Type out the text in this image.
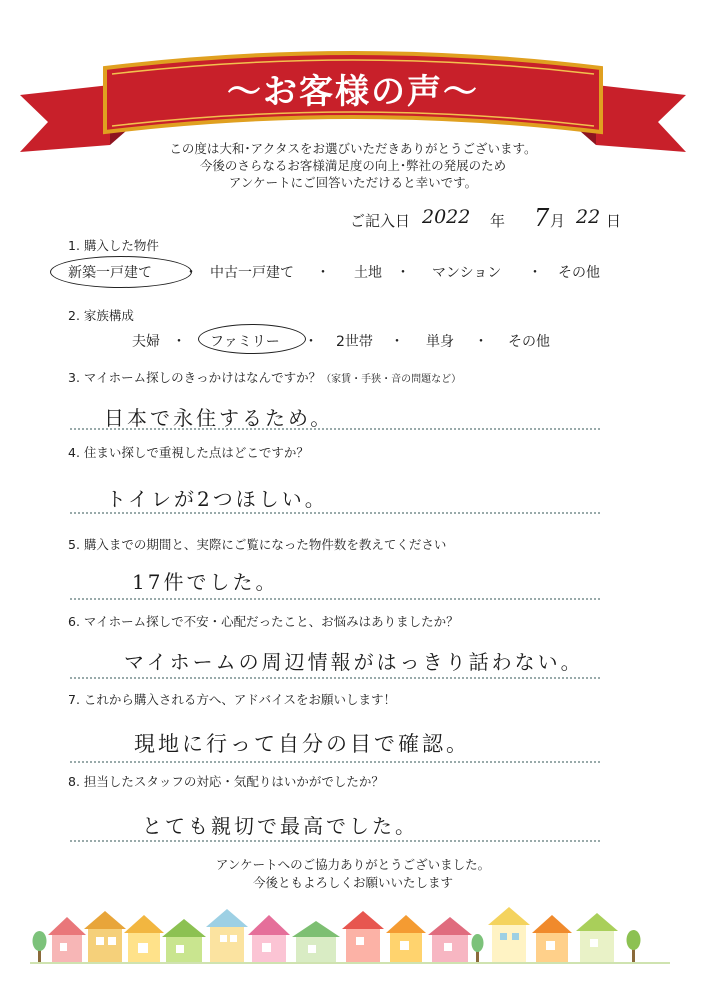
〜お客様の声〜
この度は大和･アクタスをお選びいただきありがとうございます。
今後のさらなるお客様満足度の向上･弊社の発展のため
アンケートにご回答いただけると幸いです。
ご記入日 2022 年 7 月 22 日
1. 購入した物件
新築一戸建て ・ 中古一戸建て ・ 土地 ・ マンション ・ その他
2. 家族構成
夫婦 ・ ファミリー ・ 2世帯 ・ 単身 ・ その他
3. マイホーム探しのきっかけはなんですか？（家賃・手狭・音の問題など）
日本で永住するため。
4. 住まい探しで重視した点はどこですか？
トイレが2つほしい。
5. 購入までの期間と、実際にご覧になった物件数を教えてください
17件でした。
6. マイホーム探しで不安・心配だったこと、お悩みはありましたか？
マイホームの周辺情報がはっきり話わない。
7. これから購入される方へ、アドバイスをお願いします！
現地に行って自分の目で確認。
8. 担当したスタッフの対応・気配りはいかがでしたか？
とても親切で最高でした。
アンケートへのご協力ありがとうございました。
今後ともよろしくお願いいたします
